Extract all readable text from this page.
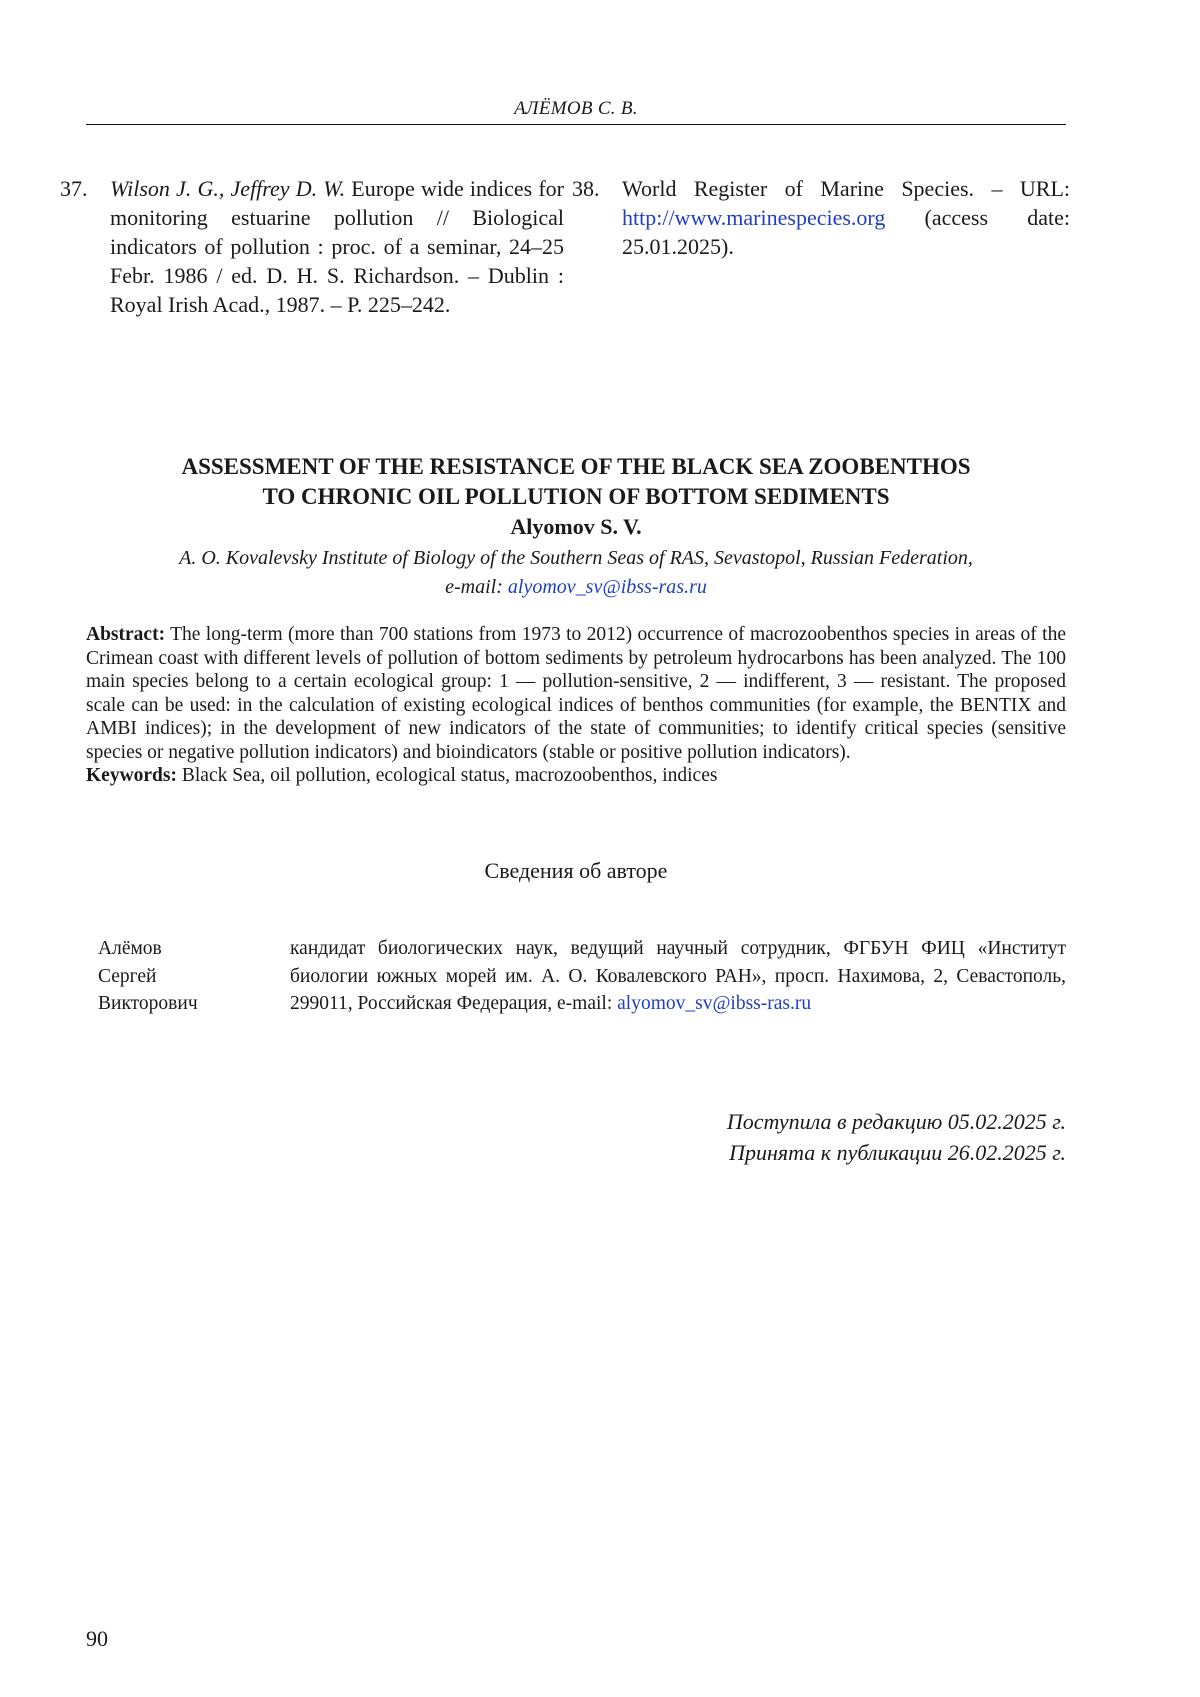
АЛЁМОВ С. В.
37. Wilson J. G., Jeffrey D. W. Europe wide indices for monitoring estuarine pollution // Biological indicators of pollution : proc. of a seminar, 24–25 Febr. 1986 / ed. D. H. S. Richardson. – Dublin : Royal Irish Acad., 1987. – P. 225–242.
38. World Register of Marine Species. – URL: http://www.marinespecies.org (access date: 25.01.2025).
ASSESSMENT OF THE RESISTANCE OF THE BLACK SEA ZOOBENTHOS
TO CHRONIC OIL POLLUTION OF BOTTOM SEDIMENTS
Alyomov S. V.
A. O. Kovalevsky Institute of Biology of the Southern Seas of RAS, Sevastopol, Russian Federation,
e-mail: alyomov_sv@ibss-ras.ru
Abstract: The long-term (more than 700 stations from 1973 to 2012) occurrence of macrozoobenthos species in areas of the Crimean coast with different levels of pollution of bottom sediments by petroleum hydrocarbons has been analyzed. The 100 main species belong to a certain ecological group: 1 — pollution-sensitive, 2 — indifferent, 3 — resistant. The proposed scale can be used: in the calculation of existing ecological indices of benthos communities (for example, the BENTIX and AMBI indices); in the development of new indicators of the state of communities; to identify critical species (sensitive species or negative pollution indicators) and bioindicators (stable or positive pollution indicators).
Keywords: Black Sea, oil pollution, ecological status, macrozoobenthos, indices
Сведения об авторе
Алёмов
Сергей
Викторович
кандидат биологических наук, ведущий научный сотрудник, ФГБУН ФИЦ «Институт биологии южных морей им. А. О. Ковалевского РАН», просп. Нахимова, 2, Севастополь, 299011, Российская Федерация, e-mail: alyomov_sv@ibss-ras.ru
Поступила в редакцию 05.02.2025 г.
Принята к публикации 26.02.2025 г.
90
